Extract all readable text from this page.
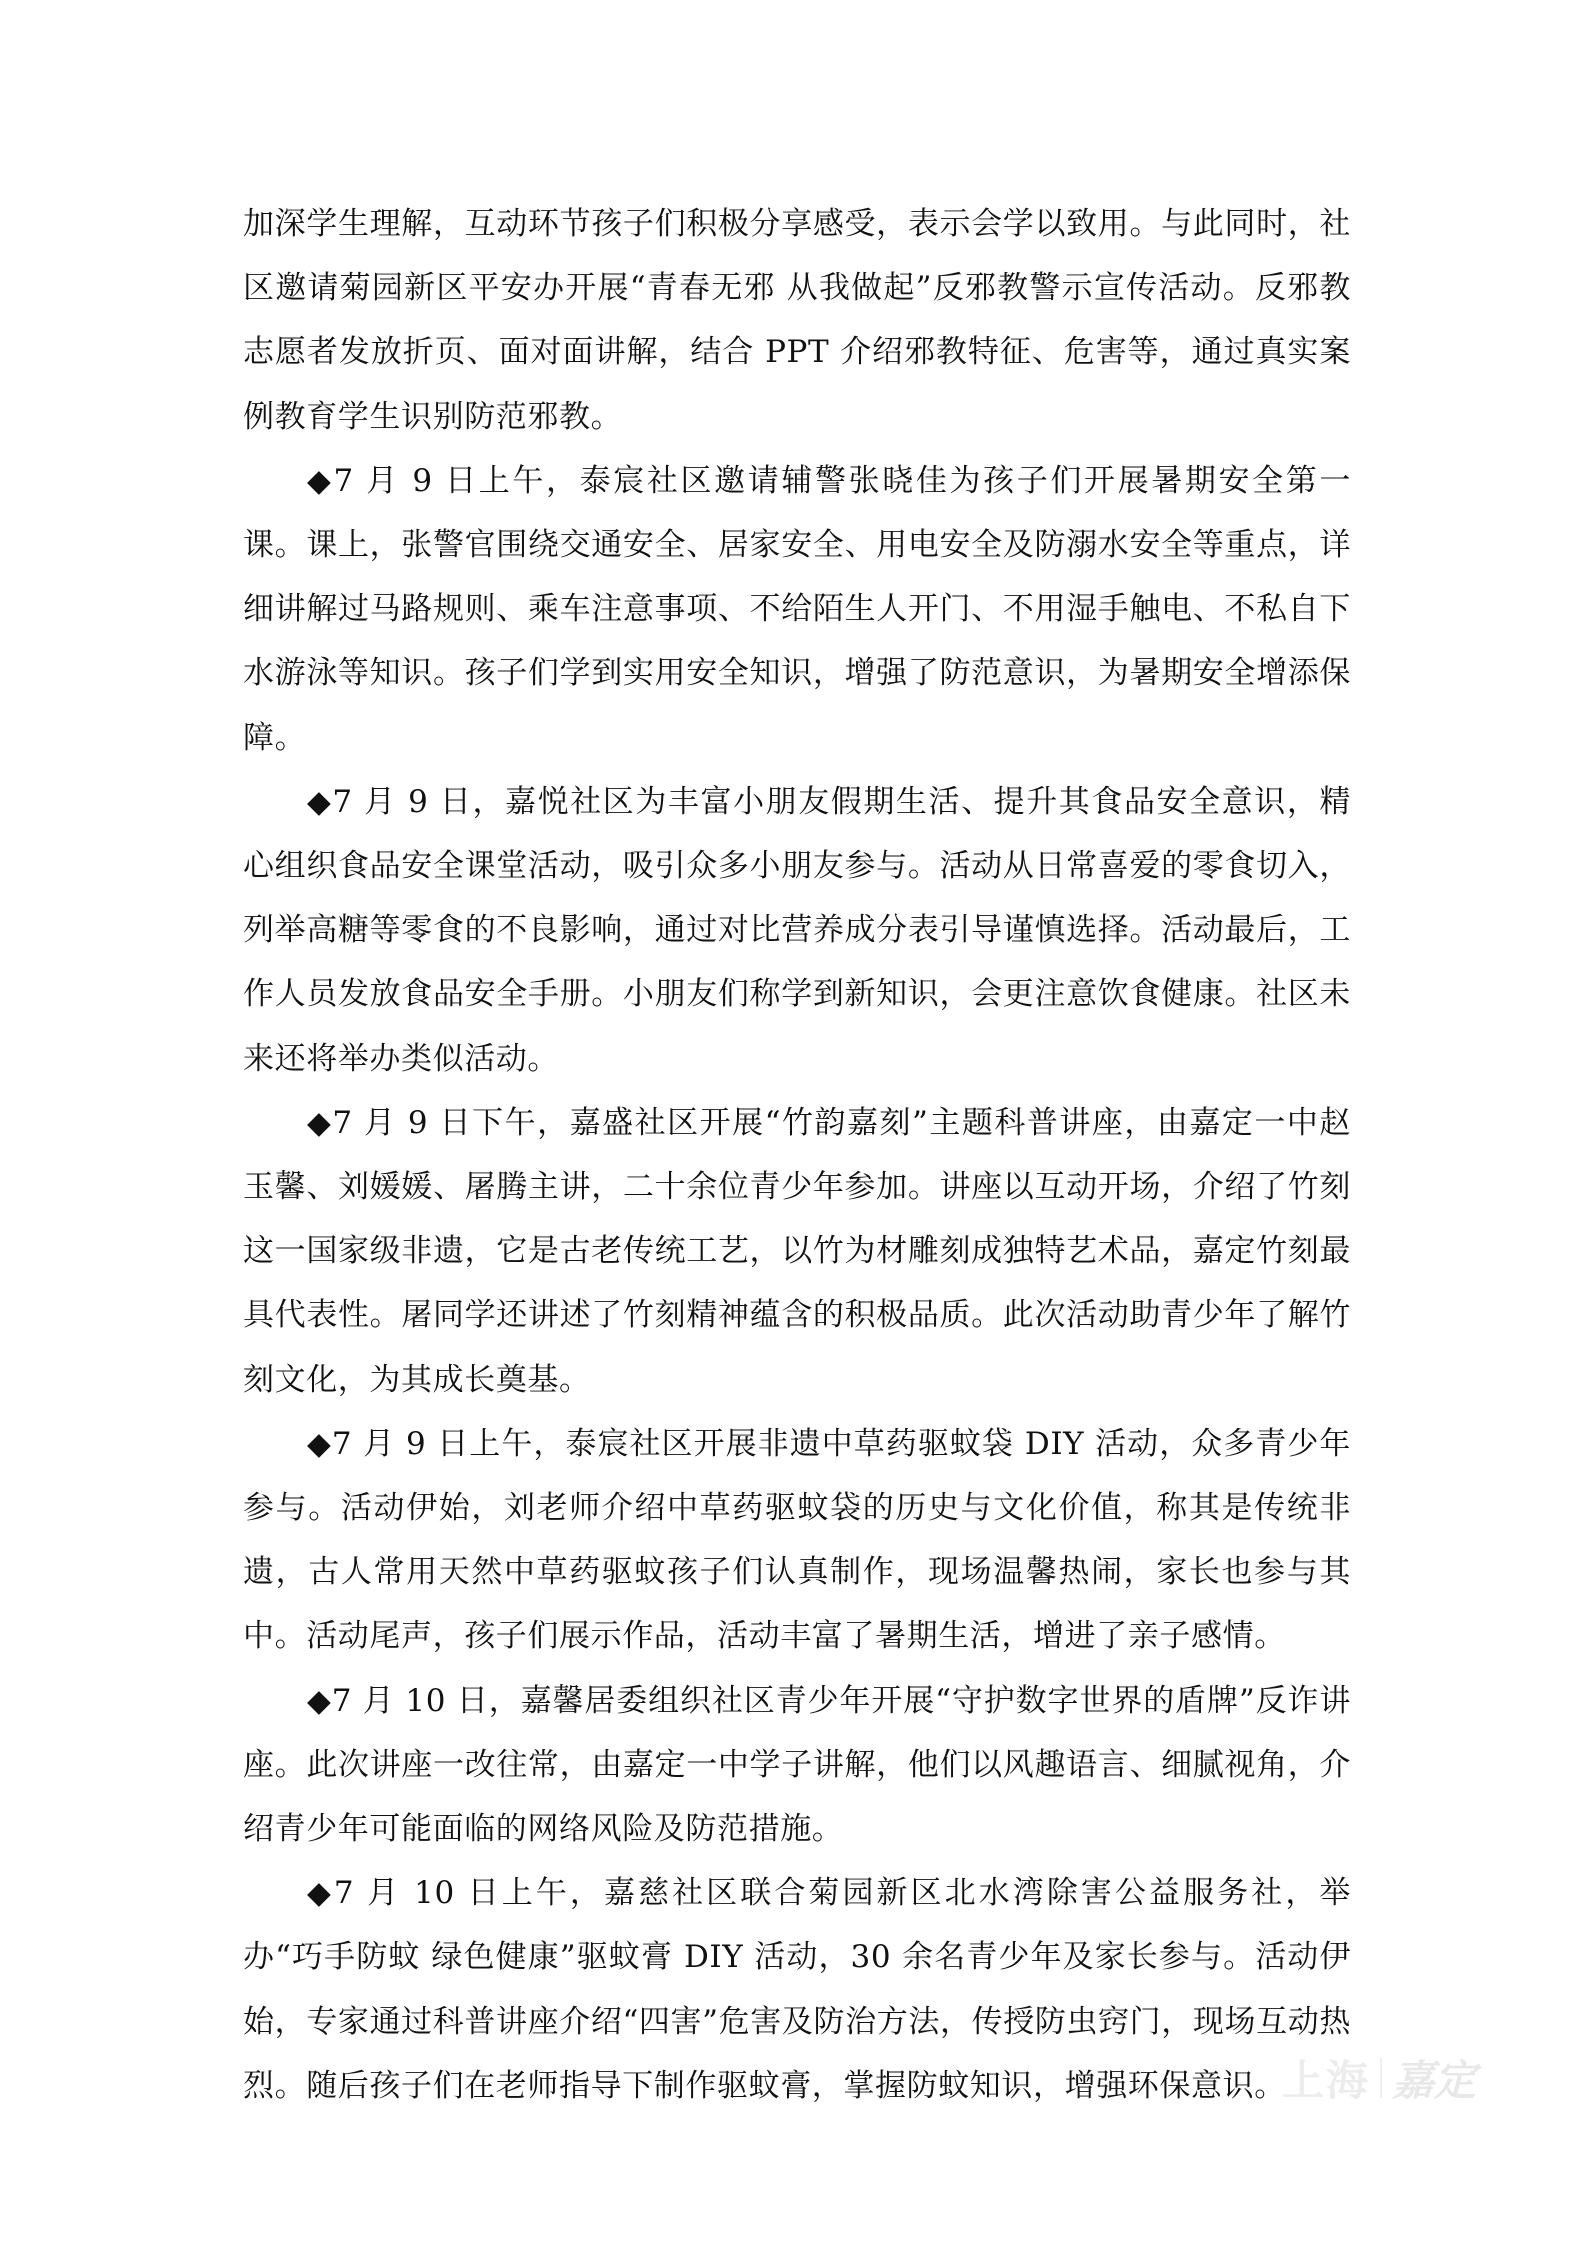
加深学生理解，互动环节孩子们积极分享感受，表示会学以致用。与此同时，社区邀请菊园新区平安办开展“青春无邪 从我做起”反邪教警示宣传活动。反邪教志愿者发放折页、面对面讲解，结合 PPT 介绍邪教特征、危害等，通过真实案例教育学生识别防范邪教。

◆7 月 9 日上午，泰宸社区邀请辅警张晓佳为孩子们开展暑期安全第一课。课上，张警官围绕交通安全、居家安全、用电安全及防溺水安全等重点，详细讲解过马路规则、乘车注意事项、不给陌生人开门、不用湿手触电、不私自下水游泳等知识。孩子们学到实用安全知识，增强了防范意识，为暑期安全增添保障。

◆7 月 9 日，嘉悦社区为丰富小朋友假期生活、提升其食品安全意识，精心组织食品安全课堂活动，吸引众多小朋友参与。活动从日常喜爱的零食切入，列举高糖等零食的不良影响，通过对比营养成分表引导谨慎选择。活动最后，工作人员发放食品安全手册。小朋友们称学到新知识，会更注意饮食健康。社区未来还将举办类似活动。

◆7 月 9 日下午，嘉盛社区开展“竹韵嘉刻”主题科普讲座，由嘉定一中赵玉馨、刘媛媛、屠腾主讲，二十余位青少年参加。讲座以互动开场，介绍了竹刻这一国家级非遗，它是古老传统工艺，以竹为材雕刻成独特艺术品，嘉定竹刻最具代表性。屠同学还讲述了竹刻精神蕴含的积极品质。此次活动助青少年了解竹刻文化，为其成长奠基。

◆7 月 9 日上午，泰宸社区开展非遗中草药驱蚊袋 DIY 活动，众多青少年参与。活动伊始，刘老师介绍中草药驱蚊袋的历史与文化价值，称其是传统非遗，古人常用天然中草药驱蚊孩子们认真制作，现场温馨热闹，家长也参与其中。活动尾声，孩子们展示作品，活动丰富了暑期生活，增进了亲子感情。

◆7 月 10 日，嘉馨居委组织社区青少年开展“守护数字世界的盾牌”反诈讲座。此次讲座一改往常，由嘉定一中学子讲解，他们以风趣语言、细腻视角，介绍青少年可能面临的网络风险及防范措施。

◆7 月 10 日上午，嘉慈社区联合菊园新区北水湾除害公益服务社，举办“巧手防蚊 绿色健康”驱蚊膏 DIY 活动，30 余名青少年及家长参与。活动伊始，专家通过科普讲座介绍“四害”危害及防治方法，传授防虫窍门，现场互动热烈。随后孩子们在老师指导下制作驱蚊膏，掌握防蚊知识，增强环保意识。

上海 嘉定
